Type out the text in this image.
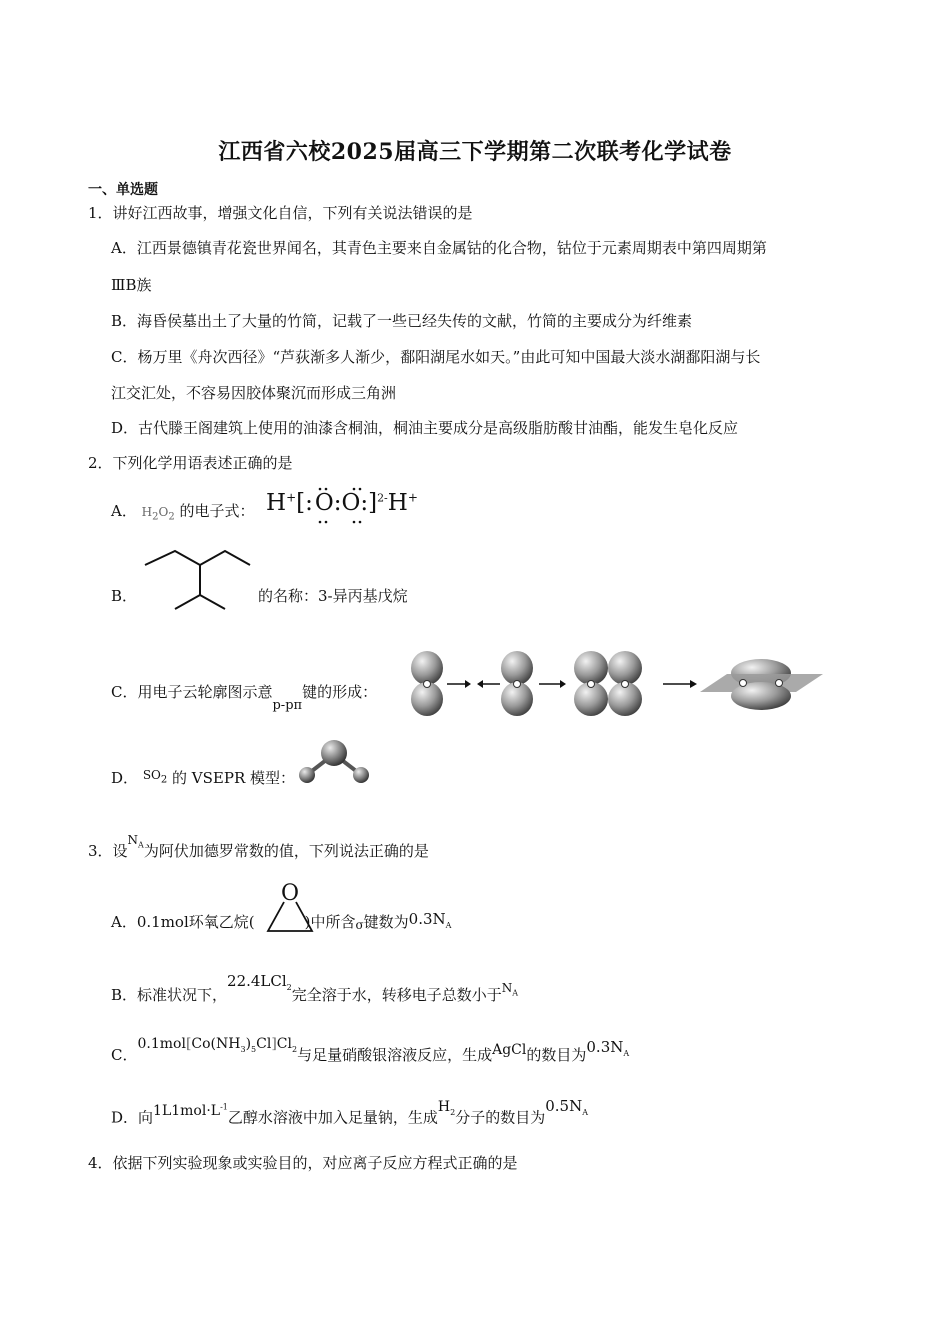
江西省六校2025届高三下学期第二次联考化学试卷
一、单选题
1．讲好江西故事，增强文化自信，下列有关说法错误的是
A．江西景德镇青花瓷世界闻名，其青色主要来自金属钴的化合物，钴位于元素周期表中第四周期第
ⅢB族
B．海昏侯墓出土了大量的竹简，记载了一些已经失传的文献，竹简的主要成分为纤维素
C．杨万里《舟次西径》“芦荻渐多人渐少，鄱阳湖尾水如天。”由此可知中国最大淡水湖鄱阳湖与长
江交汇处，不容易因胶体聚沉而形成三角洲
D．古代滕王阁建筑上使用的油漆含桐油，桐油主要成分是高级脂肪酸甘油酯，能发生皂化反应
2．下列化学用语表述正确的是
A． $H_2O_2$ 的电子式： H+[:O:O:]$^{2-}$H+
B．	的名称：3-异丙基戊烷
C．用电子云轮廓图示意p-pπ键的形成：
D． $^{SO_2}$ 的 VSEPR 模型：
3．设$^{N_A}$为阿伏加德罗常数的值，下列说法正确的是
A．0.1mol环氧乙烷(	)中所含σ键数为$0.3N_A$
O
B．标准状况下，22.4LCl$_2$完全溶于水，转移电子总数小于$^{N_A}$
C．$0.1mol[Co(NH_3)_5Cl]Cl_2$与足量硝酸银溶液反应，生成AgCl的数目为$0.3N_A$
D．向$1L1mol\cdot L^{-1}$乙醇水溶液中加入足量钠，生成$H_2$分子的数目为$0.5N_A$
4．依据下列实验现象或实验目的，对应离子反应方程式正确的是
